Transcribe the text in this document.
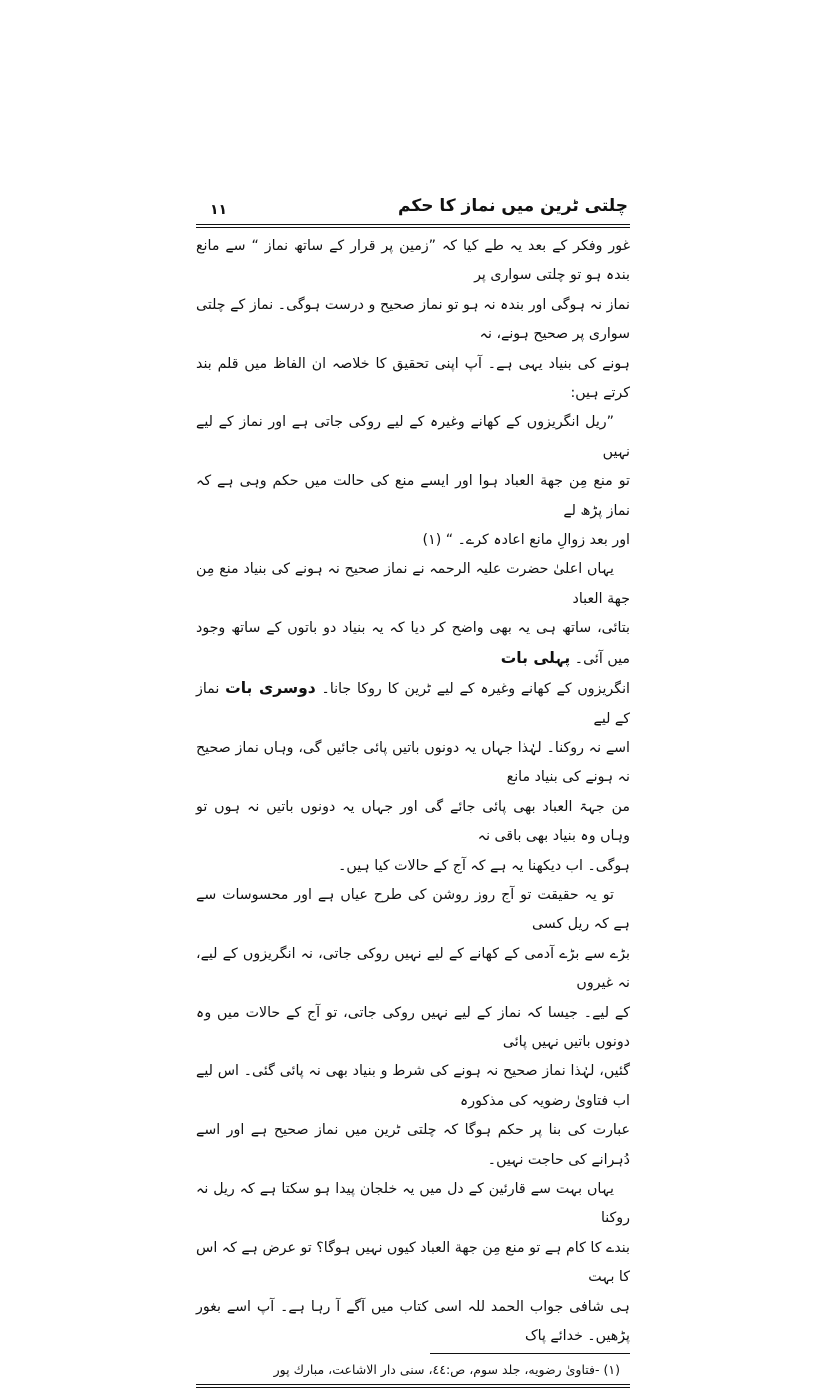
چلتی ٹرین میں نماز کا حکم
۱۱

غور وفکر کے بعد یہ طے کیا کہ ”زمین پر قرار کے ساتھ نماز “ سے مانع بندہ ہو تو چلتی سواری پر

نماز نہ ہوگی اور بندہ نہ ہو تو نماز صحیح و درست ہوگی۔ نماز کے چلتی سواری پر صحیح ہونے، نہ

ہونے کی بنیاد یہی ہے۔ آپ اپنی تحقیق کا خلاصہ ان الفاظ میں قلم بند کرتے ہیں:

”ریل انگریزوں کے کھانے وغیرہ کے لیے روکی جاتی ہے اور نماز کے لیے نہیں

تو منع مِن جهة العباد ہوا اور ایسے منع کی حالت میں حکم وہی ہے کہ نماز پڑھ لے

اور بعد زوالِ مانع اعادہ کرے۔ “ (۱)

یہاں اعلیٰ حضرت علیہ الرحمہ نے نماز صحیح نہ ہونے کی بنیاد منع مِن جهة العباد

بتائی، ساتھ ہی یہ بھی واضح کر دیا کہ یہ بنیاد دو باتوں کے ساتھ وجود میں آئی۔ پہلی بات

انگریزوں کے کھانے وغیرہ کے لیے ٹرین کا روکا جانا۔ دوسری بات نماز کے لیے

اسے نہ روکنا۔ لہٰذا جہاں یہ دونوں باتیں پائی جائیں گی، وہاں نماز صحیح نہ ہونے کی بنیاد مانع

من جہۃ العباد بھی پائی جائے گی اور جہاں یہ دونوں باتیں نہ ہوں تو وہاں وہ بنیاد بھی باقی نہ

ہوگی۔ اب دیکھنا یہ ہے کہ آج کے حالات کیا ہیں۔

تو یہ حقیقت تو آج روز روشن کی طرح عیاں ہے اور محسوسات سے ہے کہ ریل کسی

بڑے سے بڑے آدمی کے کھانے کے لیے نہیں روکی جاتی، نہ انگریزوں کے لیے، نہ غیروں

کے لیے۔ جیسا کہ نماز کے لیے نہیں روکی جاتی، تو آج کے حالات میں وہ دونوں باتیں نہیں پائی

گئیں، لہٰذا نماز صحیح نہ ہونے کی شرط و بنیاد بھی نہ پائی گئی۔ اس لیے اب فتاویٰ رضویہ کی مذکورہ

عبارت کی بنا پر حکم ہوگا کہ چلتی ٹرین میں نماز صحیح ہے اور اسے دُہرانے کی حاجت نہیں۔

یہاں بہت سے قارئین کے دل میں یہ خلجان پیدا ہو سکتا ہے کہ ریل نہ روکنا

بندے کا کام ہے تو منع مِن جهة العباد کیوں نہیں ہوگا؟ تو عرض ہے کہ اس کا بہت

ہی شافی جواب الحمد للہ اسی کتاب میں آگے آ رہا ہے۔ آپ اسے بغور پڑھیں۔ خدائے پاک

(۱) -فتاویٰ رضویه، جلد سوم، ص:٤٤، سنی دار الاشاعت، مبارك پور
